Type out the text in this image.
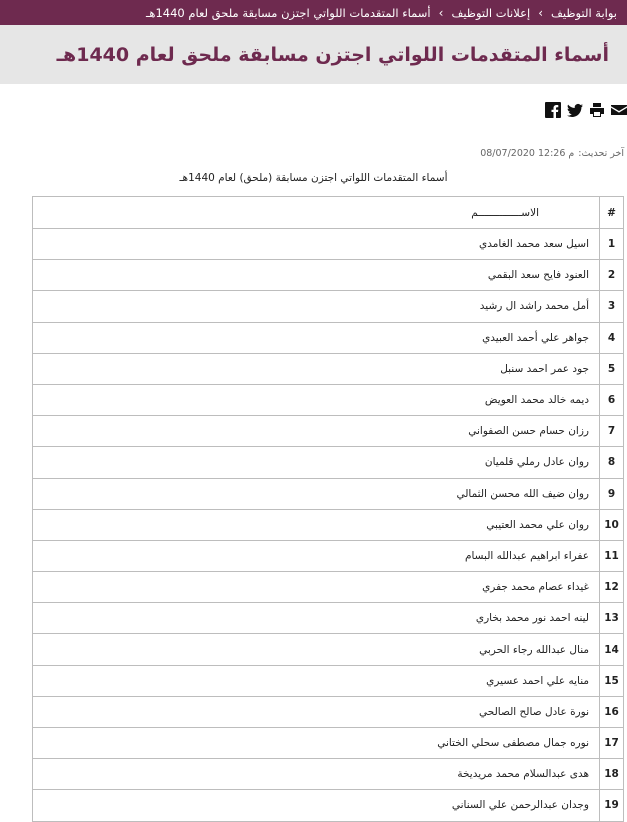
بوابة التوظيف
›
إعلانات التوظيف
›
أسماء المتقدمات اللواتي اجتزن مسابقة ملحق لعام 1440هـ
أسماء المتقدمات اللواتي اجتزن مسابقة ملحق لعام 1440هـ
آخر تحديث:
08/07/2020 12:26 م
أسماء المتقدمات اللواتي اجتزن مسابقة (ملحق) لعام 1440هـ
#	الاســــــــــــــم
1	اسيل سعد محمد الغامدي
2	العنود فايح سعد البقمي
3	أمل محمد راشد ال رشيد
4	جواهر علي أحمد العبيدي
5	جود عمر احمد سنبل
6	ديمه خالد محمد العويض
7	رزان حسام حسن الصفواني
8	روان عادل رملي قلميان
9	روان ضيف الله محسن الثمالي
10	روان علي محمد العتيبي
11	عفراء ابراهيم عبدالله البسام
12	غيداء عصام محمد جفري
13	لينه احمد نور محمد بخاري
14	منال عبدالله رجاء الحربي
15	منايه علي احمد عسيري
16	نورة عادل صالح الصالحي
17	نوره جمال مصطفى سحلي الختاني
18	هدى عبدالسلام محمد مريديخة
19	وجدان عبدالرحمن علي السناني
